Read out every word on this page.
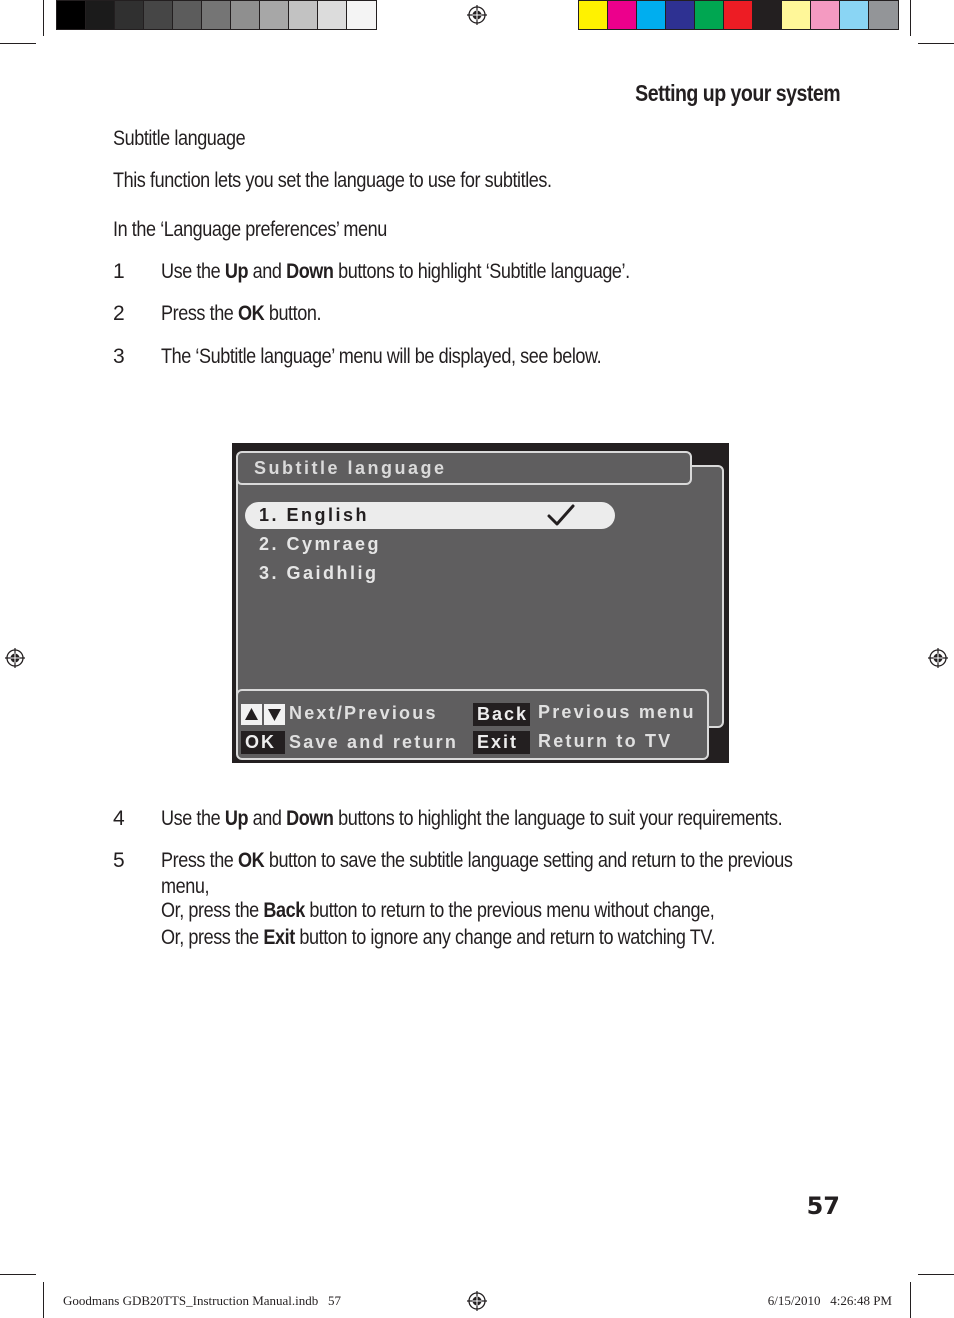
Setting up your system
Subtitle language
This function lets you set the language to use for subtitles.
In the ‘Language preferences’ menu
1 Use the Up and Down buttons to highlight ‘Subtitle language’.
2 Press the OK button.
3 The ‘Subtitle language’ menu will be displayed, see below.
Subtitle language
1. English
2. Cymraeg
3. Gaidhlig
Next/Previous
OK Save and return
Back Previous menu
Exit	Return to TV
4 Use the Up and Down buttons to highlight the language to suit your requirements.
5 Press the OK button to save the subtitle language setting and return to the previous
menu,
Or, press the Back button to return to the previous menu without change,
Or, press the Exit button to ignore any change and return to watching TV.
57
Goodmans GDB20TTS_Instruction Manual.indb   57	6/15/2010   4:26:48 PM
